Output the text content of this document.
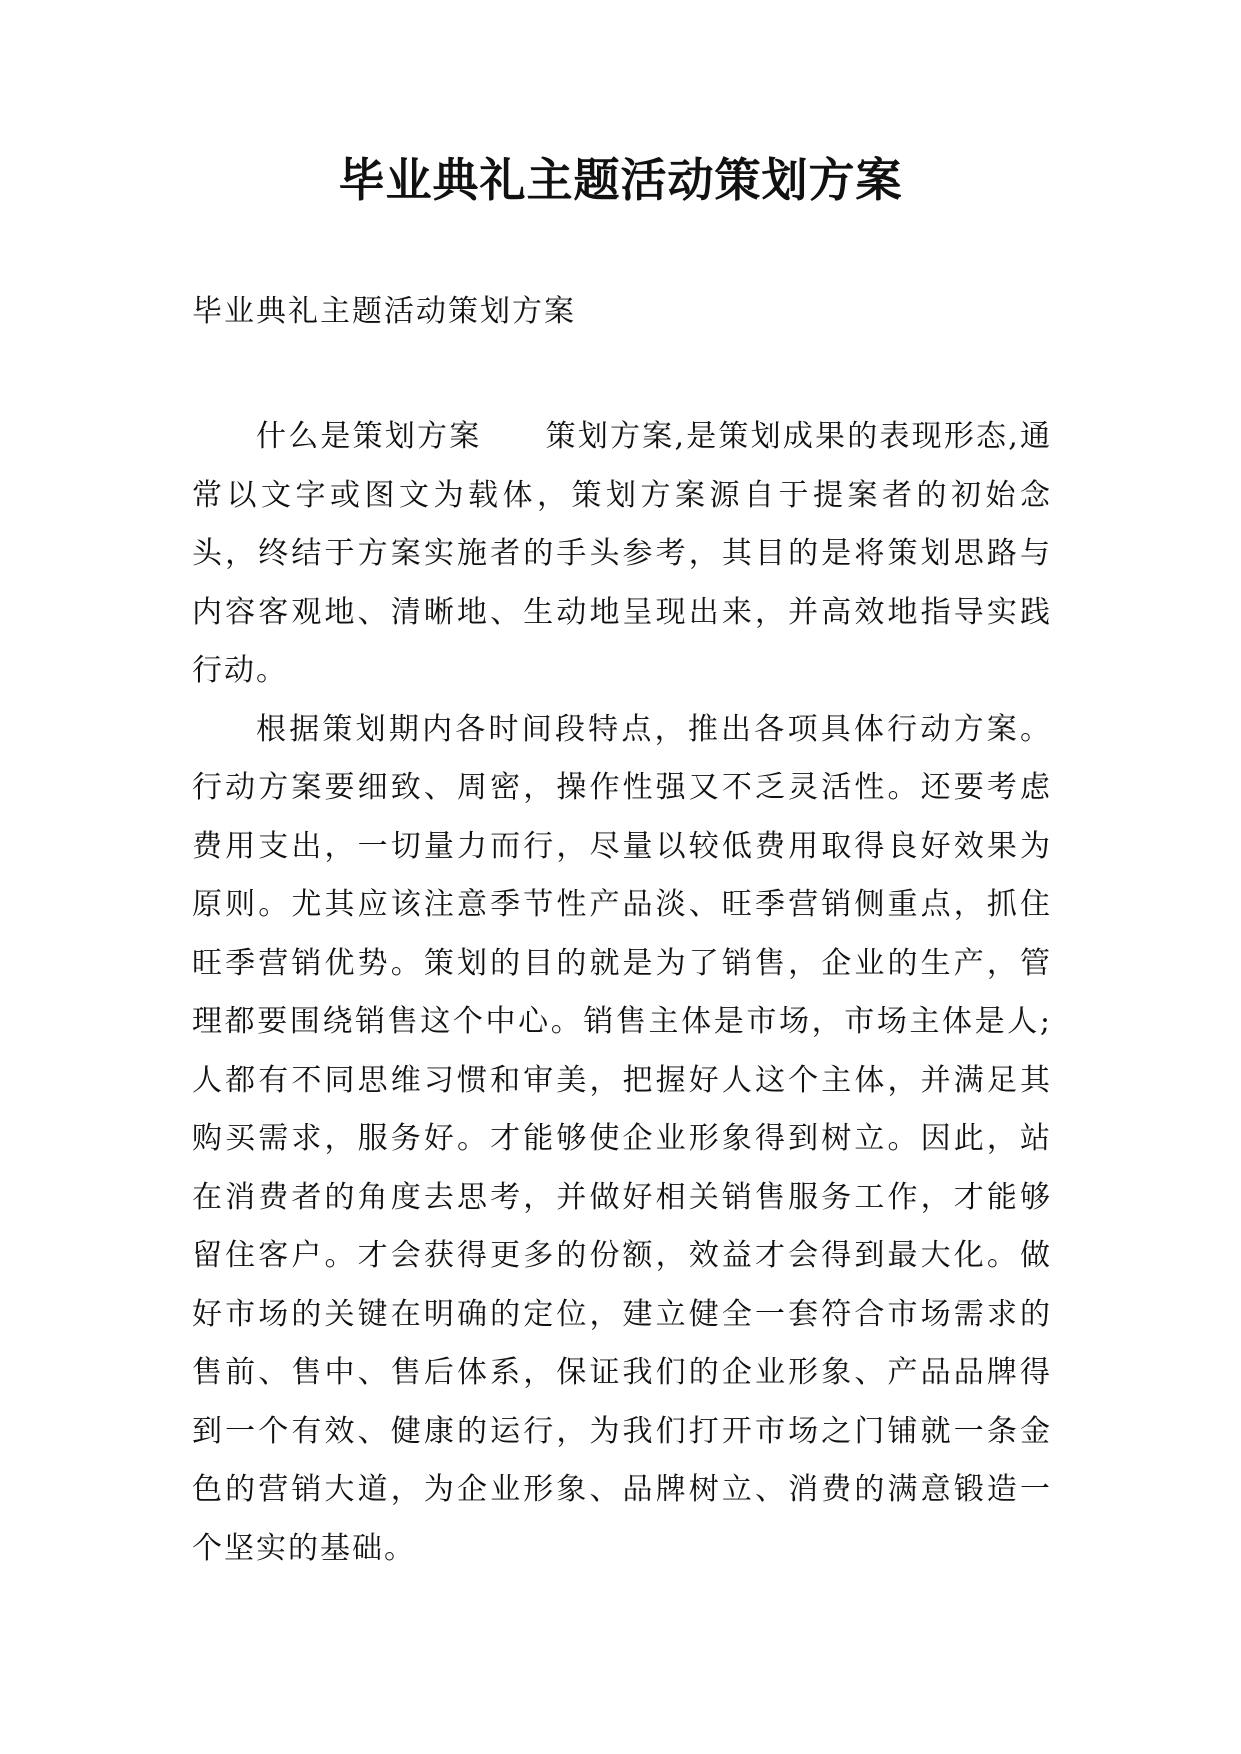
毕业典礼主题活动策划方案

毕业典礼主题活动策划方案

什么是策划方案 策划方案,是策划成果的表现形态,通常以文字或图文为载体，策划方案源自于提案者的初始念头，终结于方案实施者的手头参考，其目的是将策划思路与内容客观地、清晰地、生动地呈现出来，并高效地指导实践行动。

根据策划期内各时间段特点，推出各项具体行动方案。行动方案要细致、周密，操作性强又不乏灵活性。还要考虑费用支出，一切量力而行，尽量以较低费用取得良好效果为原则。尤其应该注意季节性产品淡、旺季营销侧重点，抓住旺季营销优势。策划的目的就是为了销售，企业的生产，管理都要围绕销售这个中心。销售主体是市场，市场主体是人;人都有不同思维习惯和审美，把握好人这个主体，并满足其购买需求，服务好。才能够使企业形象得到树立。因此，站在消费者的角度去思考，并做好相关销售服务工作，才能够留住客户。才会获得更多的份额，效益才会得到最大化。做好市场的关键在明确的定位，建立健全一套符合市场需求的售前、售中、售后体系，保证我们的企业形象、产品品牌得到一个有效、健康的运行，为我们打开市场之门铺就一条金色的营销大道，为企业形象、品牌树立、消费的满意锻造一个坚实的基础。
